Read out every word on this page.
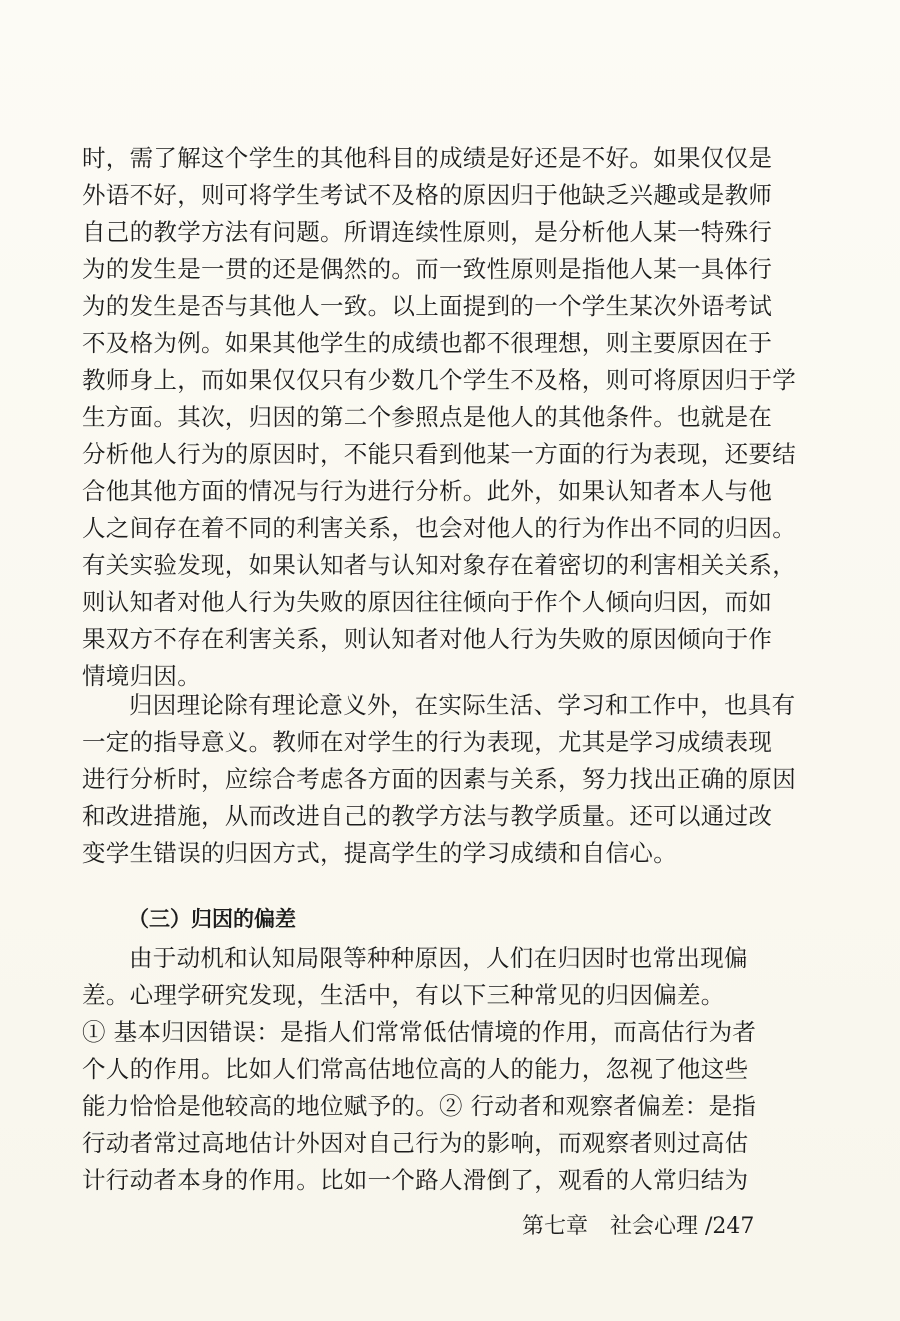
时，需了解这个学生的其他科目的成绩是好还是不好。如果仅仅是
外语不好，则可将学生考试不及格的原因归于他缺乏兴趣或是教师
自己的教学方法有问题。所谓连续性原则，是分析他人某一特殊行
为的发生是一贯的还是偶然的。而一致性原则是指他人某一具体行
为的发生是否与其他人一致。以上面提到的一个学生某次外语考试
不及格为例。如果其他学生的成绩也都不很理想，则主要原因在于
教师身上，而如果仅仅只有少数几个学生不及格，则可将原因归于学
生方面。其次，归因的第二个参照点是他人的其他条件。也就是在
分析他人行为的原因时，不能只看到他某一方面的行为表现，还要结
合他其他方面的情况与行为进行分析。此外，如果认知者本人与他
人之间存在着不同的利害关系，也会对他人的行为作出不同的归因。
有关实验发现，如果认知者与认知对象存在着密切的利害相关关系，
则认知者对他人行为失败的原因往往倾向于作个人倾向归因，而如
果双方不存在利害关系，则认知者对他人行为失败的原因倾向于作
情境归因。
归因理论除有理论意义外，在实际生活、学习和工作中，也具有
一定的指导意义。教师在对学生的行为表现，尤其是学习成绩表现
进行分析时，应综合考虑各方面的因素与关系，努力找出正确的原因
和改进措施，从而改进自己的教学方法与教学质量。还可以通过改
变学生错误的归因方式，提高学生的学习成绩和自信心。
（三）归因的偏差
由于动机和认知局限等种种原因，人们在归因时也常出现偏
差。心理学研究发现，生活中，有以下三种常见的归因偏差。
① 基本归因错误：是指人们常常低估情境的作用，而高估行为者
个人的作用。比如人们常高估地位高的人的能力，忽视了他这些
能力恰恰是他较高的地位赋予的。② 行动者和观察者偏差：是指
行动者常过高地估计外因对自己行为的影响，而观察者则过高估
计行动者本身的作用。比如一个路人滑倒了，观看的人常归结为
第七章　社会心理 /247
